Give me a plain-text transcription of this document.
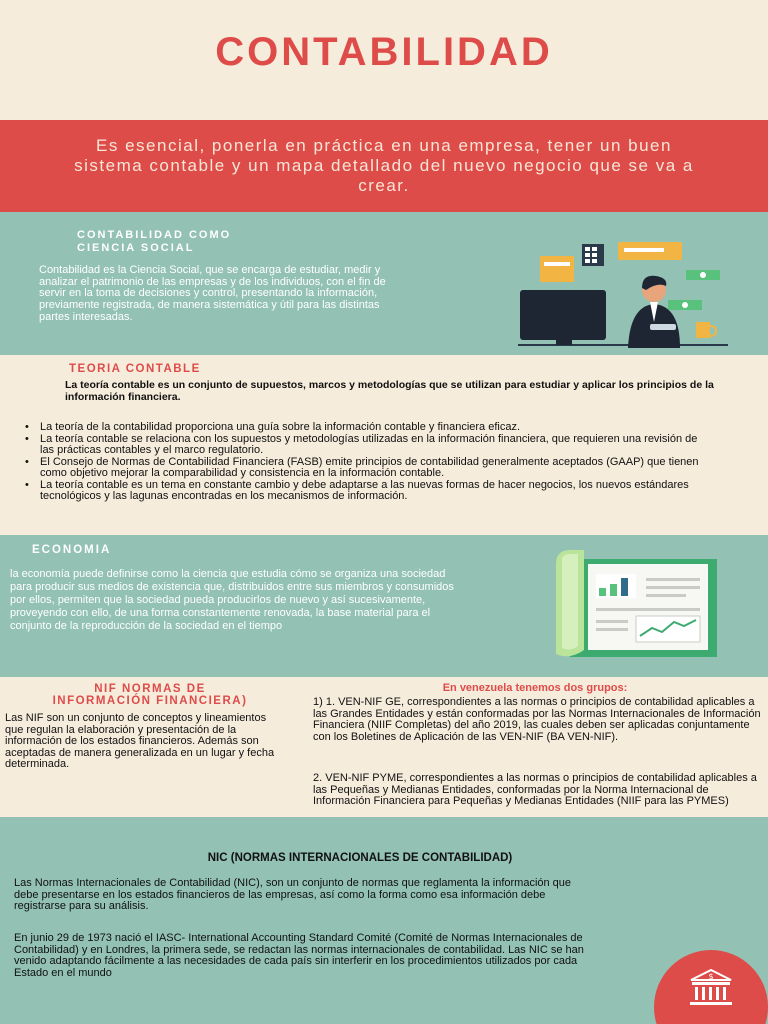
CONTABILIDAD
Es esencial, ponerla en práctica en una empresa, tener un buen sistema contable y un mapa detallado del nuevo negocio que se va a crear.
CONTABILIDAD COMO
CIENCIA SOCIAL
Contabilidad es la Ciencia Social, que se encarga de estudiar, medir y analizar el patrimonio de las empresas y de los individuos, con el fin de servir en la toma de decisiones y control, presentando la información, previamente registrada, de manera sistemática y útil para las distintas partes interesadas.
TEORIA CONTABLE
La teoría contable es un conjunto de supuestos, marcos y metodologías que se utilizan para estudiar y aplicar los principios de la información financiera.
• La teoría de la contabilidad proporciona una guía sobre la información contable y financiera eficaz.
• La teoría contable se relaciona con los supuestos y metodologías utilizadas en la información financiera, que requieren una revisión de las prácticas contables y el marco regulatorio.
• El Consejo de Normas de Contabilidad Financiera (FASB) emite principios de contabilidad generalmente aceptados (GAAP) que tienen como objetivo mejorar la comparabilidad y consistencia en la información contable.
• La teoría contable es un tema en constante cambio y debe adaptarse a las nuevas formas de hacer negocios, los nuevos estándares tecnológicos y las lagunas encontradas en los mecanismos de información.
ECONOMIA
la economía puede definirse como la ciencia que estudia cómo se organiza una sociedad para producir sus medios de existencia que, distribuidos entre sus miembros y consumidos por ellos, permiten que la sociedad pueda producirlos de nuevo y así sucesivamente, proveyendo con ello, de una forma constantemente renovada, la base material para el conjunto de la reproducción de la sociedad en el tiempo
NIF NORMAS DE
INFORMACIÓN FINANCIERA)
Las NIF son un conjunto de conceptos y lineamientos que regulan la elaboración y presentación de la información de los estados financieros. Además son aceptadas de manera generalizada en un lugar y fecha determinada.
En venezuela tenemos dos grupos:
1) 1. VEN-NIF GE, correspondientes a las normas o principios de contabilidad aplicables a las Grandes Entidades y están conformadas por las Normas Internacionales de Información Financiera (NIIF Completas) del año 2019, las cuales deben ser aplicadas conjuntamente con los Boletines de Aplicación de las VEN-NIF (BA VEN-NIF).
2. VEN-NIF PYME, correspondientes a las normas o principios de contabilidad aplicables a las Pequeñas y Medianas Entidades, conformadas por la Norma Internacional de Información Financiera para Pequeñas y Medianas Entidades (NIIF para las PYMES)
NIC (NORMAS INTERNACIONALES DE CONTABILIDAD)
Las Normas Internacionales de Contabilidad (NIC), son un conjunto de normas que reglamenta la información que debe presentarse en los estados financieros de las empresas, así como la forma como esa información debe registrarse para su análisis.
En junio 29 de 1973 nació el IASC- International Accounting Standard Comité (Comité de Normas Internacionales de Contabilidad) y en Londres, la primera sede, se redactan las normas internacionales de contabilidad. Las NIC se han venido adaptando fácilmente a las necesidades de cada país sin interferir en los procedimientos utilizados por cada Estado en el mundo	$
